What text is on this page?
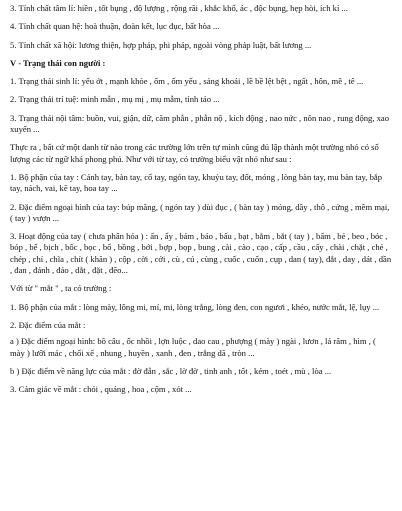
3. Tính chất tâm lí: hiền , tốt bụng , độ lượng , rộng rãi , khắc khổ, ác , độc bụng, hẹp hòi, ích kỉ ...

4. Tính chất quan hệ: hoà thuận, đoàn kết, lục đục, bất hòa ...

5. Tính chất xã hội: lương thiện, hợp pháp, phi pháp, ngoài vòng pháp luật, bất lương ...

V - Trạng thái con người :

1. Trạng thái sinh lí: yếu ớt , mạnh khỏe , ốm , ốm yếu , sảng khoái , lề bề lệt bệt , ngất , hôn, mê , tê ...

2. Trạng thái trí tuệ: minh mẫn , mụ mị , mụ mẫm, tỉnh táo ...

3. Trạng thái nội tâm: buồn, vui, giận, dữ, căm phẫn , phẫn nộ , kích động , nao nức , nôn nao , rung động, xao xuyến ...

Thực ra , bất cứ một danh từ nào trong các trường lớn trên tự mình cũng đủ lập thành một trường nhỏ có số lượng các từ ngữ khá phong phú. Như với từ tay, có trường biểu vật nhỏ như sau :

1. Bộ phận của tay : Cánh tay, bàn tay, cổ tay, ngón tay, khuỷu tay, đốt, móng , lòng bàn tay, mu bàn tay, bắp tay, nách, vai, kẽ tay, hoa tay ...

2. Đặc điểm ngoại hình của tay: búp măng, ( ngón tay ) dùi đục , ( bàn tay ) mỏng, dầy , thô , cứng , mềm mại, ( tay ) vượn ...

3. Hoạt động của tay ( chưa phân hóa ) : ấn , ẩy , bám , báo , bấu , bạt , bằm , bắt ( tay ) , bấm , bẻ , beo , bóc , bóp , bế , bịch , bốc , bọc , bổ , bồng , bới , bợp , bọp , bung , cài , cào , cạo , cấp , cầu , cấy , chài , chặt , chẻ , chép , chỉ , chĩa , chít ( khăn ) , cộp , cời , cởi , cù , cú , cùng , cuốc , cuốn , cụp , dan ( tay), đắt , day , dát , dần , đan , đánh , đảo , dắt , đặt , đẽo...

Với từ " mắt " , ta có trường :

1. Bộ phận của mắt : lòng mày, lông mi, mí, mi, lòng trắng, lòng đen, con ngươi , khéo, nước mắt, lệ, lụy ...

2. Đặc điểm của mắt :

a ) Đặc điểm ngoại hình: bồ câu , ốc nhồi , lợn luộc , dao cau , phượng ( mày ) ngài , lươn , lá răm , hìm , ( mày ) lưỡi mác , chổi xể , nhung , huyền , xanh , đen , trắng dã , tròn ...

b ) Đặc điểm về năng lực của mắt : đờ đẫn , sắc , lờ đờ , tinh anh , tốt , kém , toét , mù , lòa ...

3. Cảm giác về mắt : chói , quáng , hoa , cộm , xót ...
